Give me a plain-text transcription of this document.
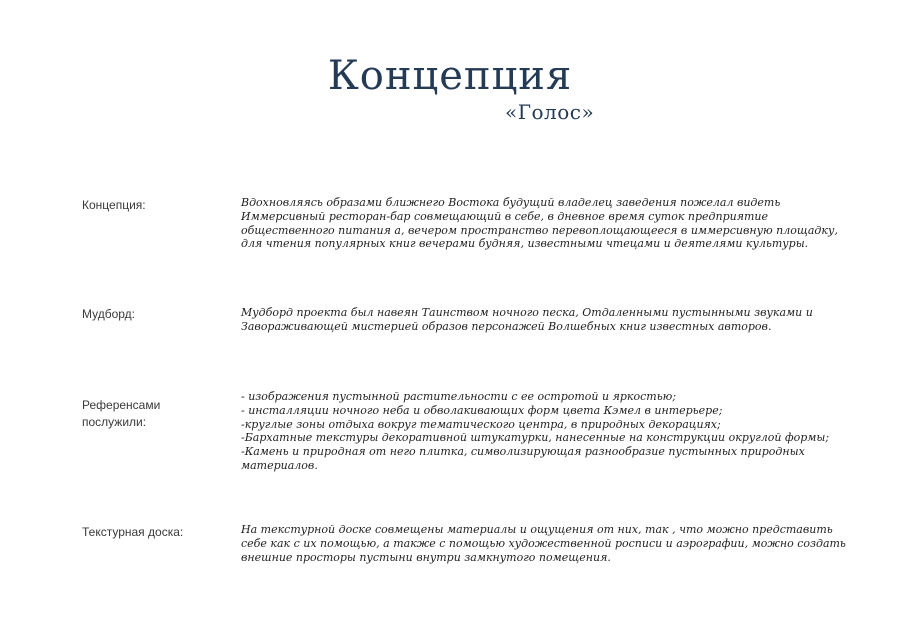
Концепция
«Голос»
Концепция:	Вдохновляясь образами ближнего Востока будущий владелец заведения пожелал видеть
Иммерсивный ресторан-бар совмещающий в себе, в дневное время суток предприятие
общественного питания а, вечером пространство перевоплощающееся в иммерсивную площадку,
для чтения популярных книг вечерами будняя, известными чтецами и деятелями культуры.
Мудборд:	Мудборд проекта был навеян Таинством ночного песка, Отдаленными пустынными звуками и
Завораживающей мистерией образов персонажей Волшебных книг известных авторов.
Референсами послужили:
- изображения пустынной растительности с ее остротой и яркостью;
- инсталляции ночного неба и обволакивающих форм цвета Кэмел в интерьере;
-круглые зоны отдыха вокруг тематического центра, в природных декорациях;
-Бархатные текстуры декоративной штукатурки, нанесенные на конструкции округлой формы;
-Камень и природная от него плитка, символизирующая разнообразие пустынных природных
материалов.
Текстурная доска:	На текстурной доске совмещены материалы и ощущения от них, так , что можно представить
себе как с их помощью, а также с помощью художественной росписи и аэрографии, можно создать
внешние просторы пустыни внутри замкнутого помещения.
